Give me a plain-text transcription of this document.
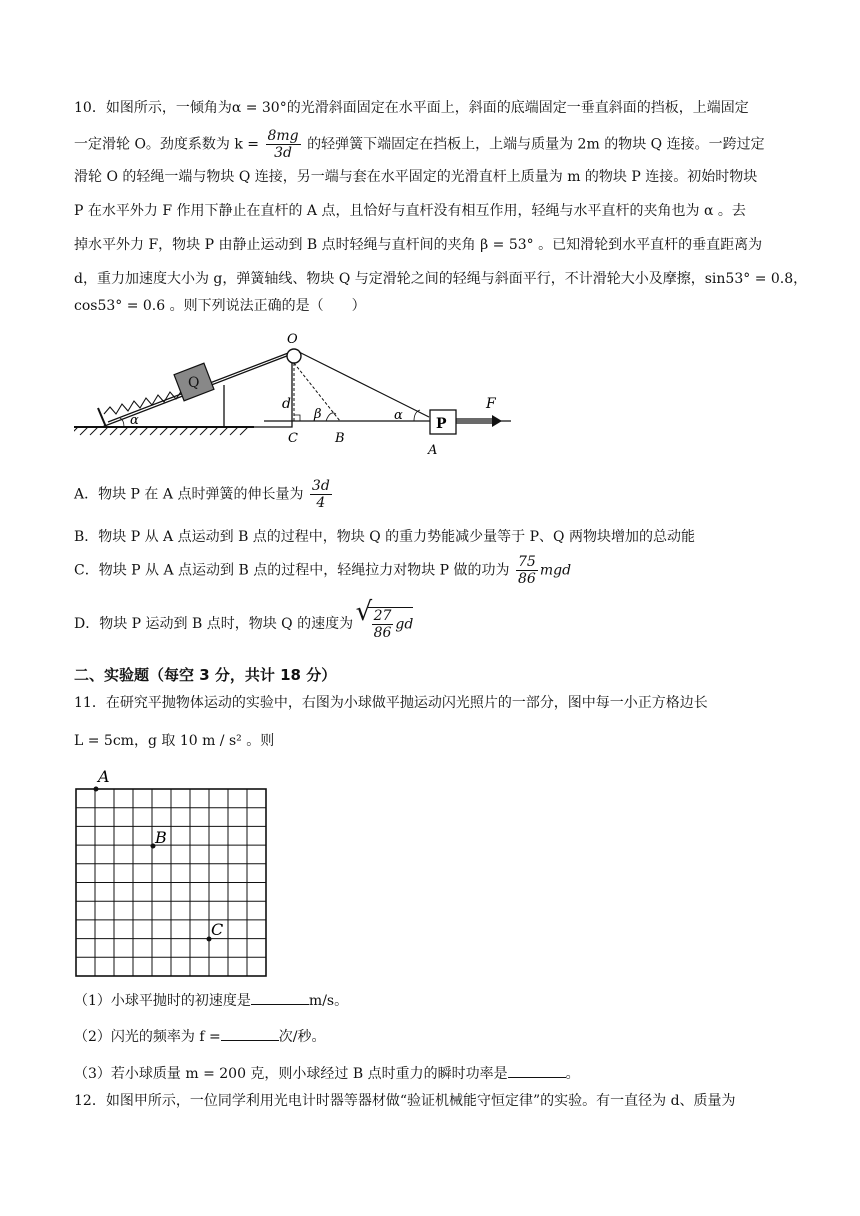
10．如图所示，一倾角为α = 30°的光滑斜面固定在水平面上，斜面的底端固定一垂直斜面的挡板，上端固定
一定滑轮 O。劲度系数为 $k = \frac{8mg}{3d}$ 的轻弹簧下端固定在挡板上，上端与质量为 2m 的物块 Q 连接。一跨过定
滑轮 O 的轻绳一端与物块 Q 连接，另一端与套在水平固定的光滑直杆上质量为 m 的物块 P 连接。初始时物块
P 在水平外力 F 作用下静止在直杆的 A 点，且恰好与直杆没有相互作用，轻绳与水平直杆的夹角也为 α 。去
掉水平外力 F，物块 P 由静止运动到 B 点时轻绳与直杆间的夹角 β = 53° 。已知滑轮到水平直杆的垂直距离为
d，重力加速度大小为 g，弹簧轴线、物块 Q 与定滑轮之间的轻绳与斜面平行，不计滑轮大小及摩擦，sin53° = 0.8，
cos53° = 0.6 。则下列说法正确的是（　　）
Q
O
β
d
C	B
α
α	P
A
F
A．物块 P 在 A 点时弹簧的伸长量为 $\frac{3d}{4}$
B．物块 P 从 A 点运动到 B 点的过程中，物块 Q 的重力势能减少量等于 P、Q 两物块增加的总动能
C．物块 P 从 A 点运动到 B 点的过程中，轻绳拉力对物块 P 做的功为 $\frac{75}{86}$ mgd
D．物块 P 运动到 B 点时，物块 Q 的速度为
√ $\frac{27}{86}$ gd
二、实验题（每空 3 分，共计 18 分）
11．在研究平抛物体运动的实验中，右图为小球做平抛运动闪光照片的一部分，图中每一小正方格边长
L = 5cm，g 取 10 m / s² 。则
A
B
C
（1）小球平抛时的初速度是	m/s。
（2）闪光的频率为 f =	次/秒。
（3）若小球质量 m = 200 克，则小球经过 B 点时重力的瞬时功率是	。
12．如图甲所示，一位同学利用光电计时器等器材做“验证机械能守恒定律”的实验。有一直径为 d、质量为
